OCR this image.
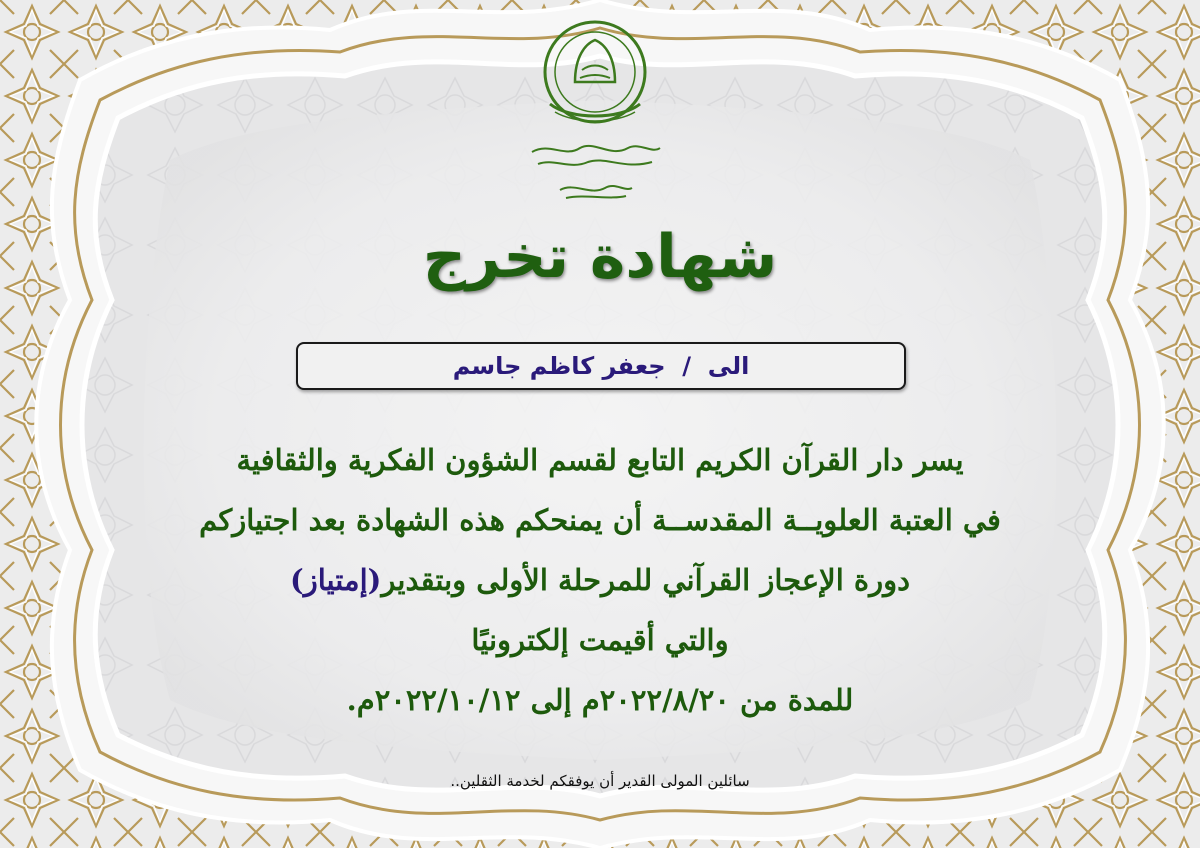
شهادة تخرج
الى  /  جعفر كاظم جاسم
يسر دار القرآن الكريم التابع لقسم الشؤون الفكرية والثقافية
في العتبة العلويــة المقدســة أن يمنحكم هذه الشهادة بعد اجتيازكم
دورة الإعجاز القرآني للمرحلة الأولى وبتقدير(إمتياز)
والتي أقيمت إلكترونيًا
للمدة من ٢٠٢٢/٨/٢٠م إلى ٢٠٢٢/١٠/١٢م.
سائلين المولى القدير أن يوفقكم لخدمة الثقلين..
